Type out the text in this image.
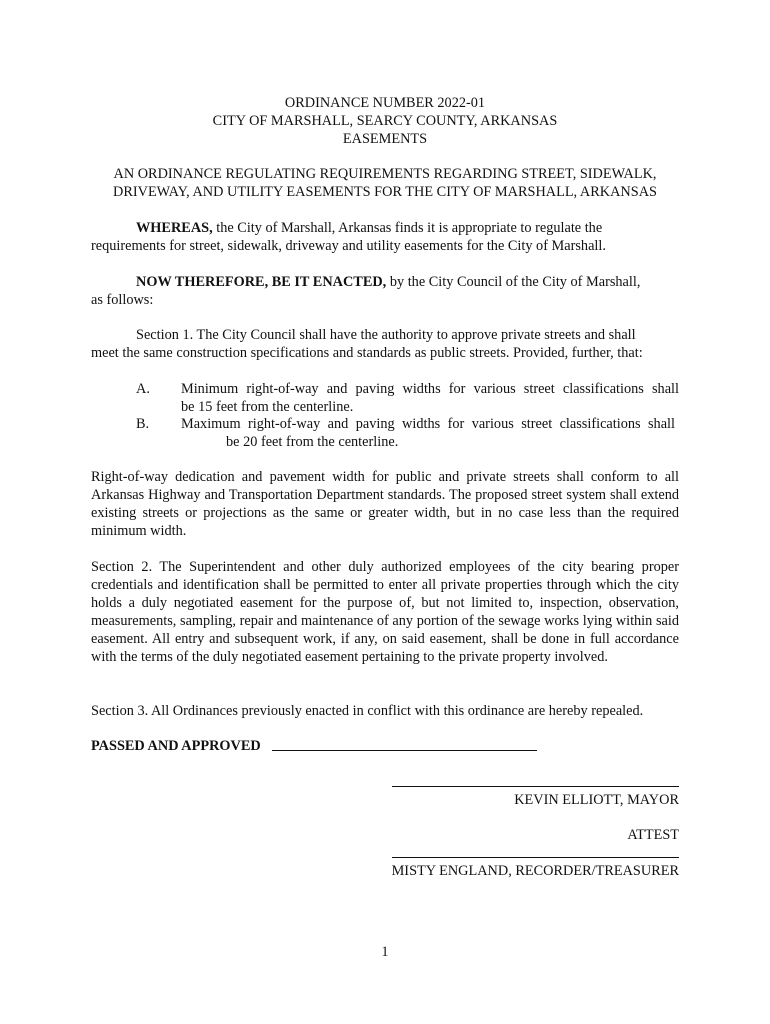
ORDINANCE NUMBER 2022-01
CITY OF MARSHALL, SEARCY COUNTY, ARKANSAS
EASEMENTS
AN ORDINANCE REGULATING REQUIREMENTS REGARDING STREET, SIDEWALK,
DRIVEWAY, AND UTILITY EASEMENTS FOR THE CITY OF MARSHALL, ARKANSAS
WHEREAS, the City of Marshall, Arkansas finds it is appropriate to regulate the
requirements for street, sidewalk, driveway and utility easements for the City of Marshall.
NOW THEREFORE, BE IT ENACTED, by the City Council of the City of Marshall,
as follows:
Section 1. The City Council shall have the authority to approve private streets and shall
meet the same construction specifications and standards as public streets. Provided, further, that:
A. Minimum right-of-way and paving widths for various street classifications shall
be 15 feet from the centerline.
B. Maximum right-of-way and paving widths for various street classifications shall
be 20 feet from the centerline.
Right-of-way dedication and pavement width for public and private streets shall conform to all Arkansas Highway and Transportation Department standards. The proposed street system shall extend existing streets or projections as the same or greater width, but in no case less than the required minimum width.
Section 2. The Superintendent and other duly authorized employees of the city bearing proper credentials and identification shall be permitted to enter all private properties through which the city holds a duly negotiated easement for the purpose of, but not limited to, inspection, observation, measurements, sampling, repair and maintenance of any portion of the sewage works lying within said easement. All entry and subsequent work, if any, on said easement, shall be done in full accordance with the terms of the duly negotiated easement pertaining to the private property involved.
Section 3. All Ordinances previously enacted in conflict with this ordinance are hereby repealed.
PASSED AND APPROVED
KEVIN ELLIOTT, MAYOR
ATTEST
MISTY ENGLAND, RECORDER/TREASURER
1
